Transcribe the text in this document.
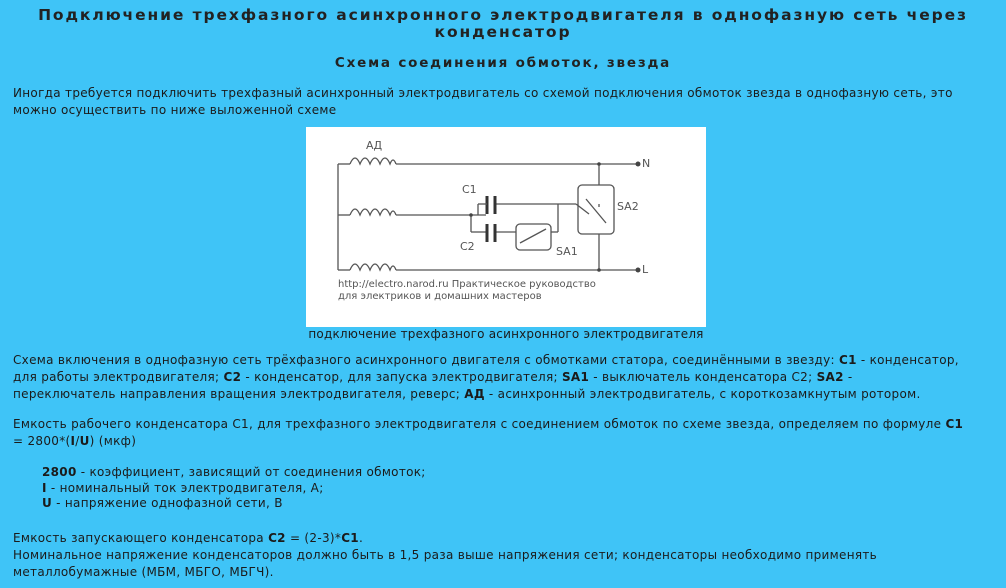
Подключение трехфазного асинхронного электродвигателя в однофазную сеть через конденсатор
Схема соединения обмоток, звезда

Иногда требуется подключить трехфазный асинхронный электродвигатель со схемой подключения обмоток звезда в однофазную сеть, это
можно осуществить по ниже выложенной схеме

АД
C1
C2	SA1
SA2
N
L
http://electro.narod.ru Практическое руководство
для электриков и домашних мастеров
подключение трехфазного асинхронного электродвигателя

Схема включения в однофазную сеть трёхфазного асинхронного двигателя с обмотками статора, соединёнными в звезду: C1 - конденсатор,
для работы электродвигателя; C2 - конденсатор, для запуска электродвигателя; SA1 - выключатель конденсатора С2; SA2 -
переключатель направления вращения электродвигателя, реверс; АД - асинхронный электродвигатель, с короткозамкнутым ротором.

Емкость рабочего конденсатора С1, для трехфазного электродвигателя с соединением обмоток по схеме звезда, определяем по формуле C1
= 2800*(I/U) (мкф)

2800 - коэффициент, зависящий от соединения обмоток;
I - номинальный ток электродвигателя, А;
U - напряжение однофазной сети, В

Емкость запускающего конденсатора C2 = (2-3)*C1.

Номинальное напряжение конденсаторов должно быть в 1,5 раза выше напряжения сети; конденсаторы необходимо применять
металлобумажные (МБМ, МБГО, МБГЧ).
